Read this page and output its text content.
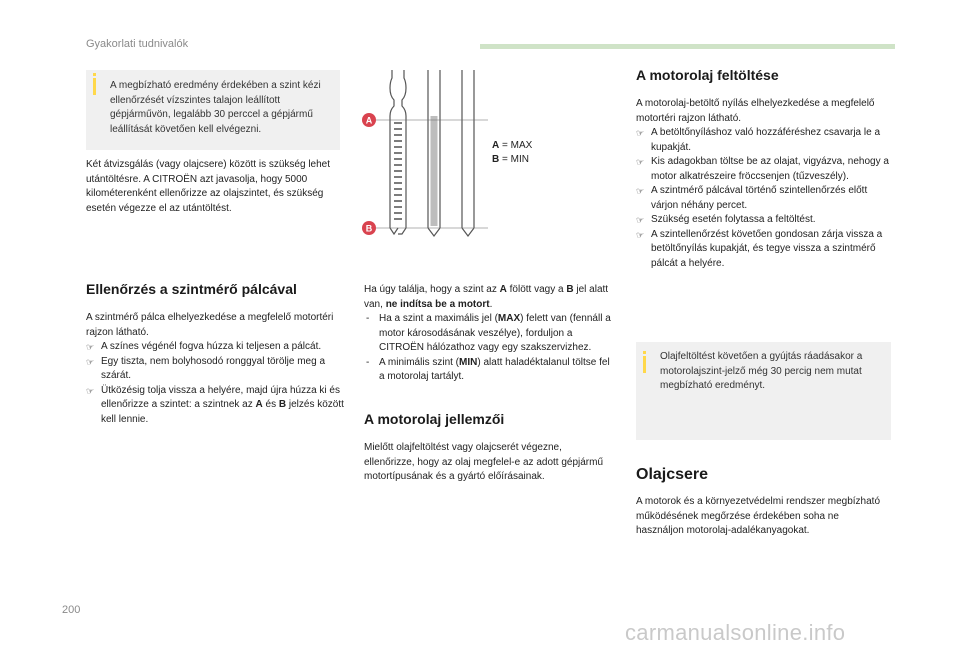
Gyakorlati tudnivalók
200
carmanualsonline.info
A megbízható eredmény érdekében a szint kézi ellenőrzését vízszintes talajon leállított gépjárművön, legalább 30 perccel a gépjármű leállítását követően kell elvégezni.
Két átvizsgálás (vagy olajcsere) között is szükség lehet utántöltésre. A CITROËN azt javasolja, hogy 5000 kilométerenként ellenőrizze az olajszintet, és szükség esetén végezze el az utántöltést.
Ellenőrzés a szintmérő pálcával
A szintmérő pálca elhelyezkedése a megfelelő motortéri rajzon látható.
☞ A színes végénél fogva húzza ki teljesen a pálcát.
☞ Egy tiszta, nem bolyhosodó ronggyal törölje meg a szárát.
☞ Ütközésig tolja vissza a helyére, majd újra húzza ki és ellenőrizze a szintet: a szintnek az A és B jelzés között kell lennie.
A
B
A = MAX
B = MIN
Ha úgy találja, hogy a szint az A fölött vagy a B jel alatt van, ne indítsa be a motort.
- Ha a szint a maximális jel (MAX) felett van (fennáll a motor károsodásának veszélye), forduljon a CITROËN hálózathoz vagy egy szakszervizhez.
- A minimális szint (MIN) alatt haladéktalanul töltse fel a motorolaj tartályt.
A motorolaj jellemzői
Mielőtt olajfeltöltést vagy olajcserét végezne, ellenőrizze, hogy az olaj megfelel-e az adott gépjármű motortípusának és a gyártó előírásainak.
A motorolaj feltöltése
A motorolaj-betöltő nyílás elhelyezkedése a megfelelő motortéri rajzon látható.
☞ A betöltőnyíláshoz való hozzáféréshez csavarja le a kupakját.
☞ Kis adagokban töltse be az olajat, vigyázva, nehogy a motor alkatrészeire fröccsenjen (tűzveszély).
☞ A szintmérő pálcával történő szintellenőrzés előtt várjon néhány percet.
☞ Szükség esetén folytassa a feltöltést.
☞ A szintellenőrzést követően gondosan zárja vissza a betöltőnyílás kupakját, és tegye vissza a szintmérő pálcát a helyére.
Olajfeltöltést követően a gyújtás ráadásakor a motorolajszint-jelző még 30 percig nem mutat megbízható eredményt.
Olajcsere
A motorok és a környezetvédelmi rendszer megbízható működésének megőrzése érdekében soha ne használjon motorolaj-adalékanyagokat.
